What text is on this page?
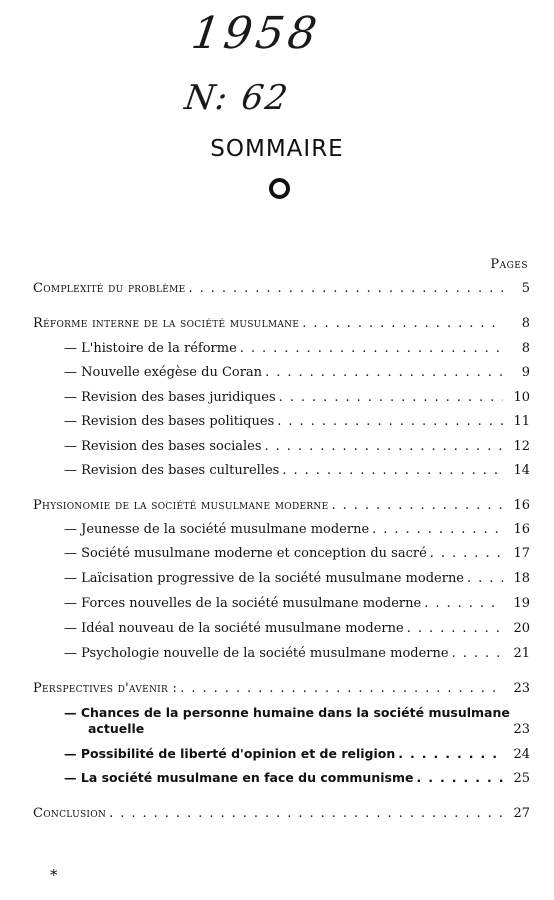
1958
N: 62
SOMMAIRE
Pages
Complexité du problème .....	5
Réforme interne de la société musulmane .....	8
— L'histoire de la réforme .....	8
— Nouvelle exégèse du Coran .....	9
— Revision des bases juridiques .....	10
— Revision des bases politiques .....	11
— Revision des bases sociales .....	12
— Revision des bases culturelles .....	14
Physionomie de la société musulmane moderne .....	16
— Jeunesse de la société musulmane moderne .....	16
— Société musulmane moderne et conception du sacré .....	17
— Laïcisation progressive de la société musulmane moderne .....	18
— Forces nouvelles de la société musulmane moderne .....	19
— Idéal nouveau de la société musulmane moderne .....	20
— Psychologie nouvelle de la société musulmane moderne .....	21
Perspectives d'avenir : .....	23
— Chances de la personne humaine dans la société musulmane
actuelle	23
— Possibilité de liberté d'opinion et de religion .....	24
— La société musulmane en face du communisme .....	25
Conclusion .....	27
*
